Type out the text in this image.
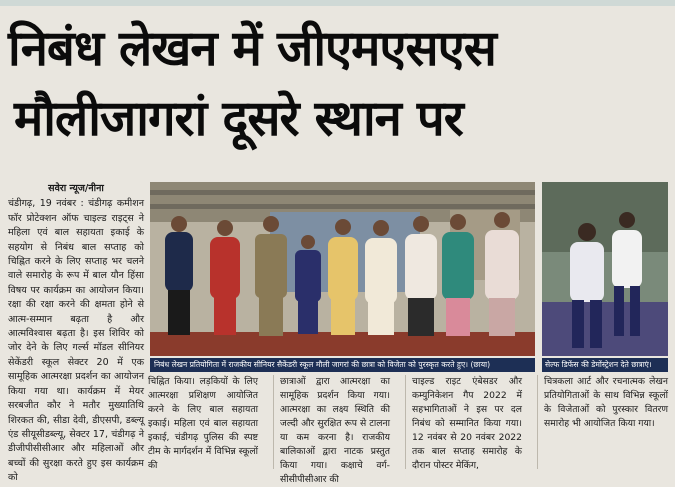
निबंध लेखन में जीएमएसएस
मौलीजागरां दूसरे स्थान पर
सवेरा न्यूज/नीना
चंडीगढ़, 19 नवंबर : चंडीगढ़ कमीशन फॉर प्रोटेक्शन ऑफ चाइल्ड राइट्स ने महिला एवं बाल सहायता इकाई के सहयोग से निबंध बाल सप्ताह को चिह्नित करने के लिए सप्ताह भर चलने वाले समारोह के रूप में बाल यौन हिंसा विषय पर कार्यक्रम का आयोजन किया। रक्षा की रक्षा करने की क्षमता होने से आत्म-सम्मान बढ़ता है और आत्मविश्वास बढ़ता है। इस शिविर को जोर देने के लिए गर्ल्स मॉडल सीनियर सेकेंडरी स्कूल सेक्टर 20 में एक सामूहिक आत्मरक्षा प्रदर्शन का आयोजन किया गया था। कार्यक्रम में मेयर सरबजीत कौर ने मतौर मुख्यातिथि शिरकत की, सीडा देवी, डीएसपी, डब्ल्यू एंड सीयूसीडब्ल्यू, सेक्टर 17, चंडीगढ़ ने डीजीपीसीसीआर और महिलाओं और बच्चों की सुरक्षा करते हुए इस कार्यक्रम को
निबंध लेखन प्रतियोगिता में राजकीय सीनियर सैकेंडरी स्कूल मौली जागरां की छात्रा को विजेता को पुरस्कृत करते हुए। (छाया)	सेल्फ डिफेंस की डेमोंस्ट्रेशन देते छात्राएं।
चिह्नित किया। लड़कियों के लिए आत्मरक्षा प्रशिक्षण आयोजित करने के लिए बाल सहायता इकाई। महिला एवं बाल सहायता इकाई, चंडीगढ़ पुलिस की स्पष्ट टीम के मार्गदर्शन में विभिन्न स्कूलों की
छात्राओं द्वारा आत्मरक्षा का सामूहिक प्रदर्शन किया गया। आत्मरक्षा का लक्ष्य स्थिति की जल्दी और सुरक्षित रूप से टालना या कम करना है। राजकीय बालिकाओं द्वारा नाटक प्रस्तुत किया गया। कक्षाचे वर्ग- सीसीपीसीआर की
चाइल्ड राइट एंबेसडर और कम्युनिकेशन गैप 2022 में सहभागिताओं ने इस पर दल निबंध को सम्मानित किया गया। 12 नवंबर से 20 नवंबर 2022 तक बाल सप्ताह समारोह के दौरान पोस्टर मेकिंग,
चित्रकला आर्ट और रचनात्मक लेखन प्रतियोगिताओं के साथ विभिन्न स्कूलों के विजेताओं को पुरस्कार वितरण समारोह भी आयोजित किया गया।
